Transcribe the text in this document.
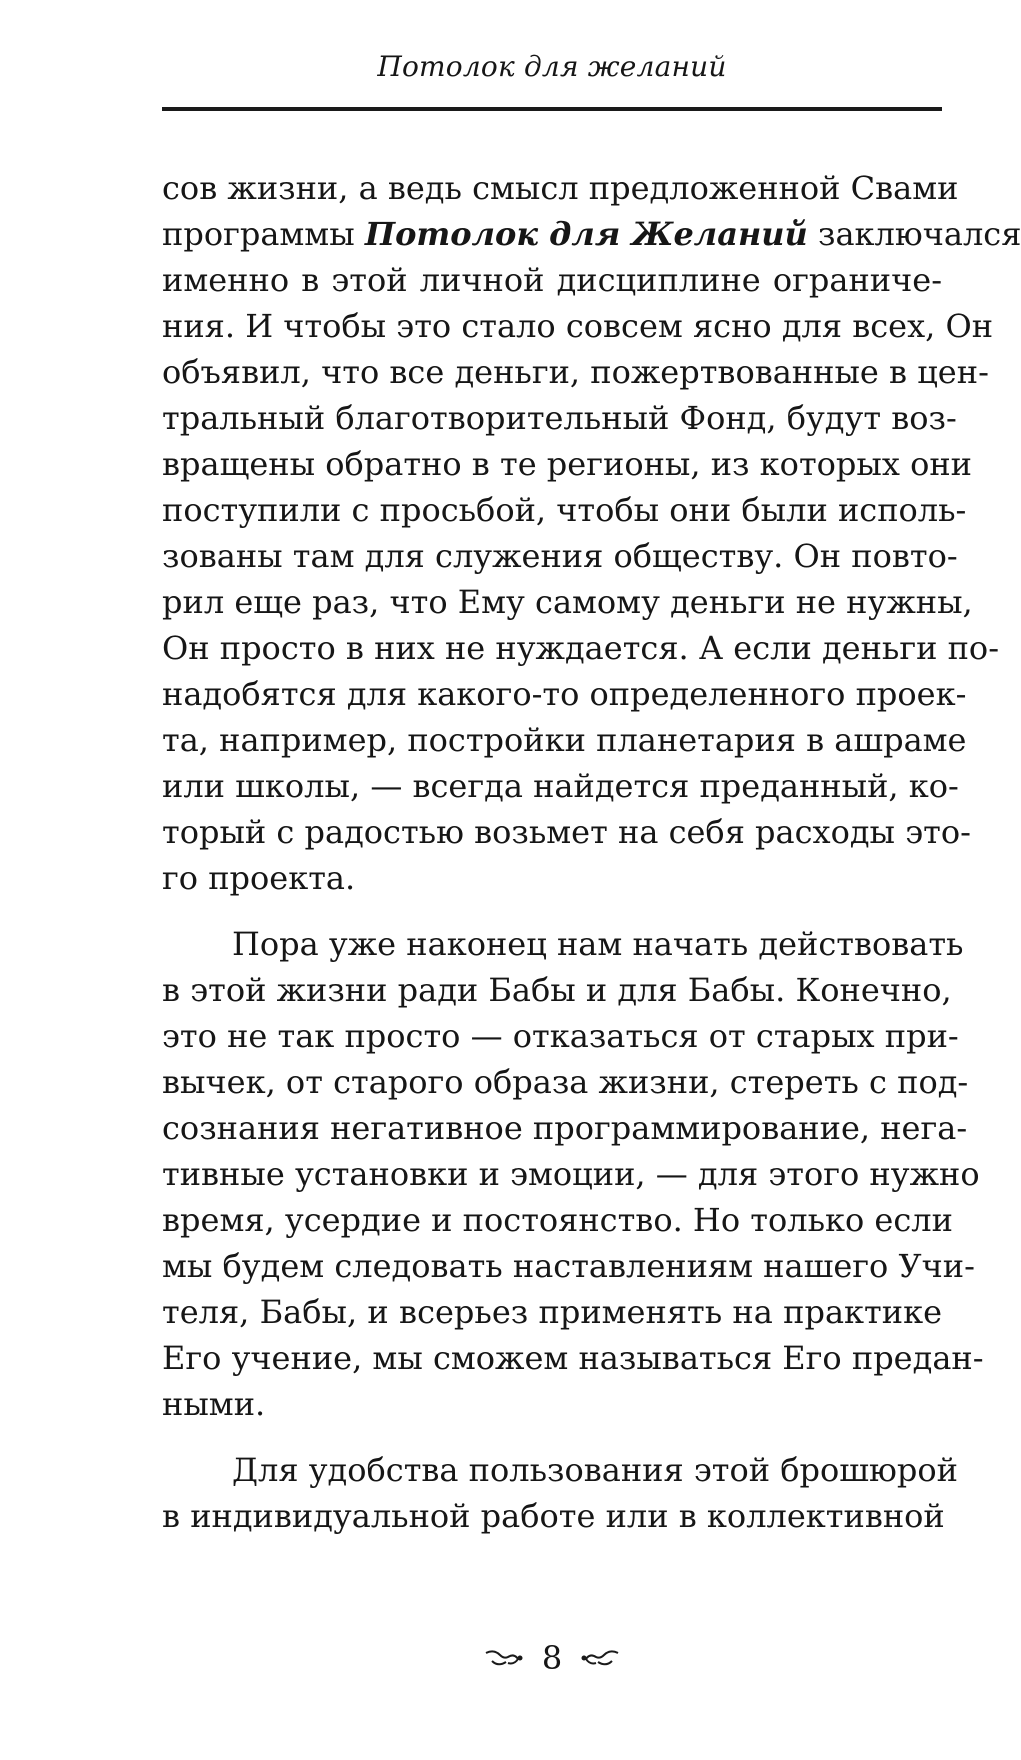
Потолок для желаний

сов жизни, а ведь смысл предложенной Свами
программы Потолок для Желаний заключался
именно в этой личной дисциплине ограниче-
ния. И чтобы это стало совсем ясно для всех, Он
объявил, что все деньги, пожертвованные в цен-
тральный благотворительный Фонд, будут воз-
вращены обратно в те регионы, из которых они
поступили с просьбой, чтобы они были исполь-
зованы там для служения обществу. Он повто-
рил еще раз, что Ему самому деньги не нужны,
Он просто в них не нуждается. А если деньги по-
надобятся для какого-то определенного проек-
та, например, постройки планетария в ашраме
или школы, — всегда найдется преданный, ко-
торый с радостью возьмет на себя расходы это-
го проекта.

Пора уже наконец нам начать действовать
в этой жизни ради Бабы и для Бабы. Конечно,
это не так просто — отказаться от старых при-
вычек, от старого образа жизни, стереть с под-
сознания негативное программирование, нега-
тивные установки и эмоции, — для этого нужно
время, усердие и постоянство. Но только если
мы будем следовать наставлениям нашего Учи-
теля, Бабы, и всерьез применять на практике
Его учение, мы сможем называться Его предан-
ными.

Для удобства пользования этой брошюрой
в индивидуальной работе или в коллективной

8
